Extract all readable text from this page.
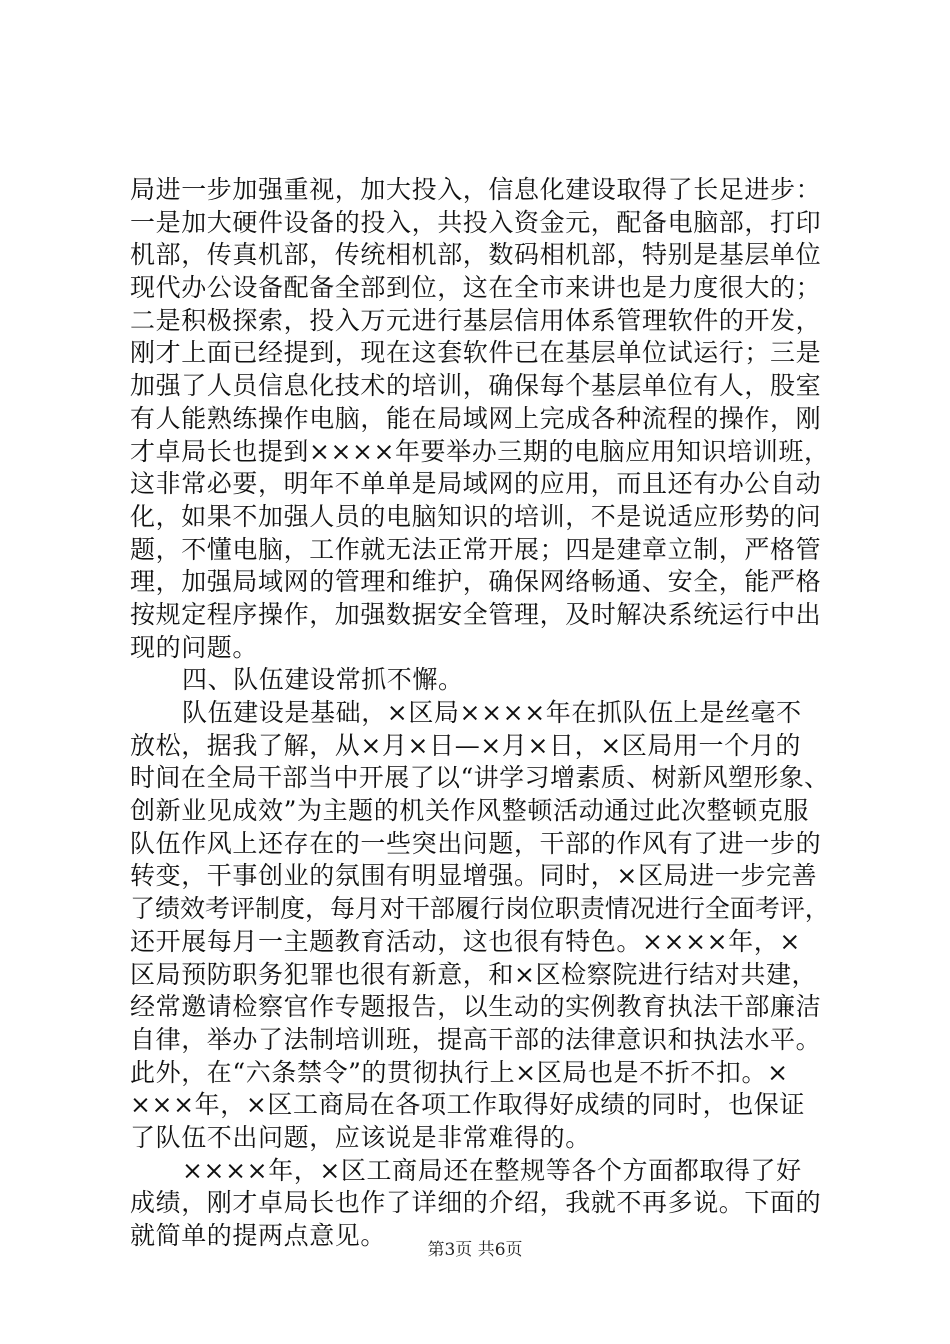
局进一步加强重视，加大投入，信息化建设取得了长足进步：
一是加大硬件设备的投入，共投入资金元，配备电脑部，打印
机部，传真机部，传统相机部，数码相机部，特别是基层单位
现代办公设备配备全部到位，这在全市来讲也是力度很大的；
二是积极探索，投入万元进行基层信用体系管理软件的开发，
刚才上面已经提到，现在这套软件已在基层单位试运行；三是
加强了人员信息化技术的培训，确保每个基层单位有人，股室
有人能熟练操作电脑，能在局域网上完成各种流程的操作，刚
才卓局长也提到××××年要举办三期的电脑应用知识培训班，
这非常必要，明年不单单是局域网的应用，而且还有办公自动
化，如果不加强人员的电脑知识的培训，不是说适应形势的问
题，不懂电脑，工作就无法正常开展；四是建章立制，严格管
理，加强局域网的管理和维护，确保网络畅通、安全，能严格
按规定程序操作，加强数据安全管理，及时解决系统运行中出
现的问题。
四、队伍建设常抓不懈。
队伍建设是基础，×区局××××年在抓队伍上是丝毫不
放松，据我了解，从×月×日—×月×日，×区局用一个月的
时间在全局干部当中开展了以“讲学习增素质、树新风塑形象、
创新业见成效”为主题的机关作风整顿活动通过此次整顿克服
队伍作风上还存在的一些突出问题，干部的作风有了进一步的
转变，干事创业的氛围有明显增强。同时，×区局进一步完善
了绩效考评制度，每月对干部履行岗位职责情况进行全面考评，
还开展每月一主题教育活动，这也很有特色。××××年，×
区局预防职务犯罪也很有新意，和×区检察院进行结对共建，
经常邀请检察官作专题报告，以生动的实例教育执法干部廉洁
自律，举办了法制培训班，提高干部的法律意识和执法水平。
此外，在“六条禁令”的贯彻执行上×区局也是不折不扣。×
×××年，×区工商局在各项工作取得好成绩的同时，也保证
了队伍不出问题，应该说是非常难得的。
××××年，×区工商局还在整规等各个方面都取得了好
成绩，刚才卓局长也作了详细的介绍，我就不再多说。下面的
就简单的提两点意见。	第3页 共6页
